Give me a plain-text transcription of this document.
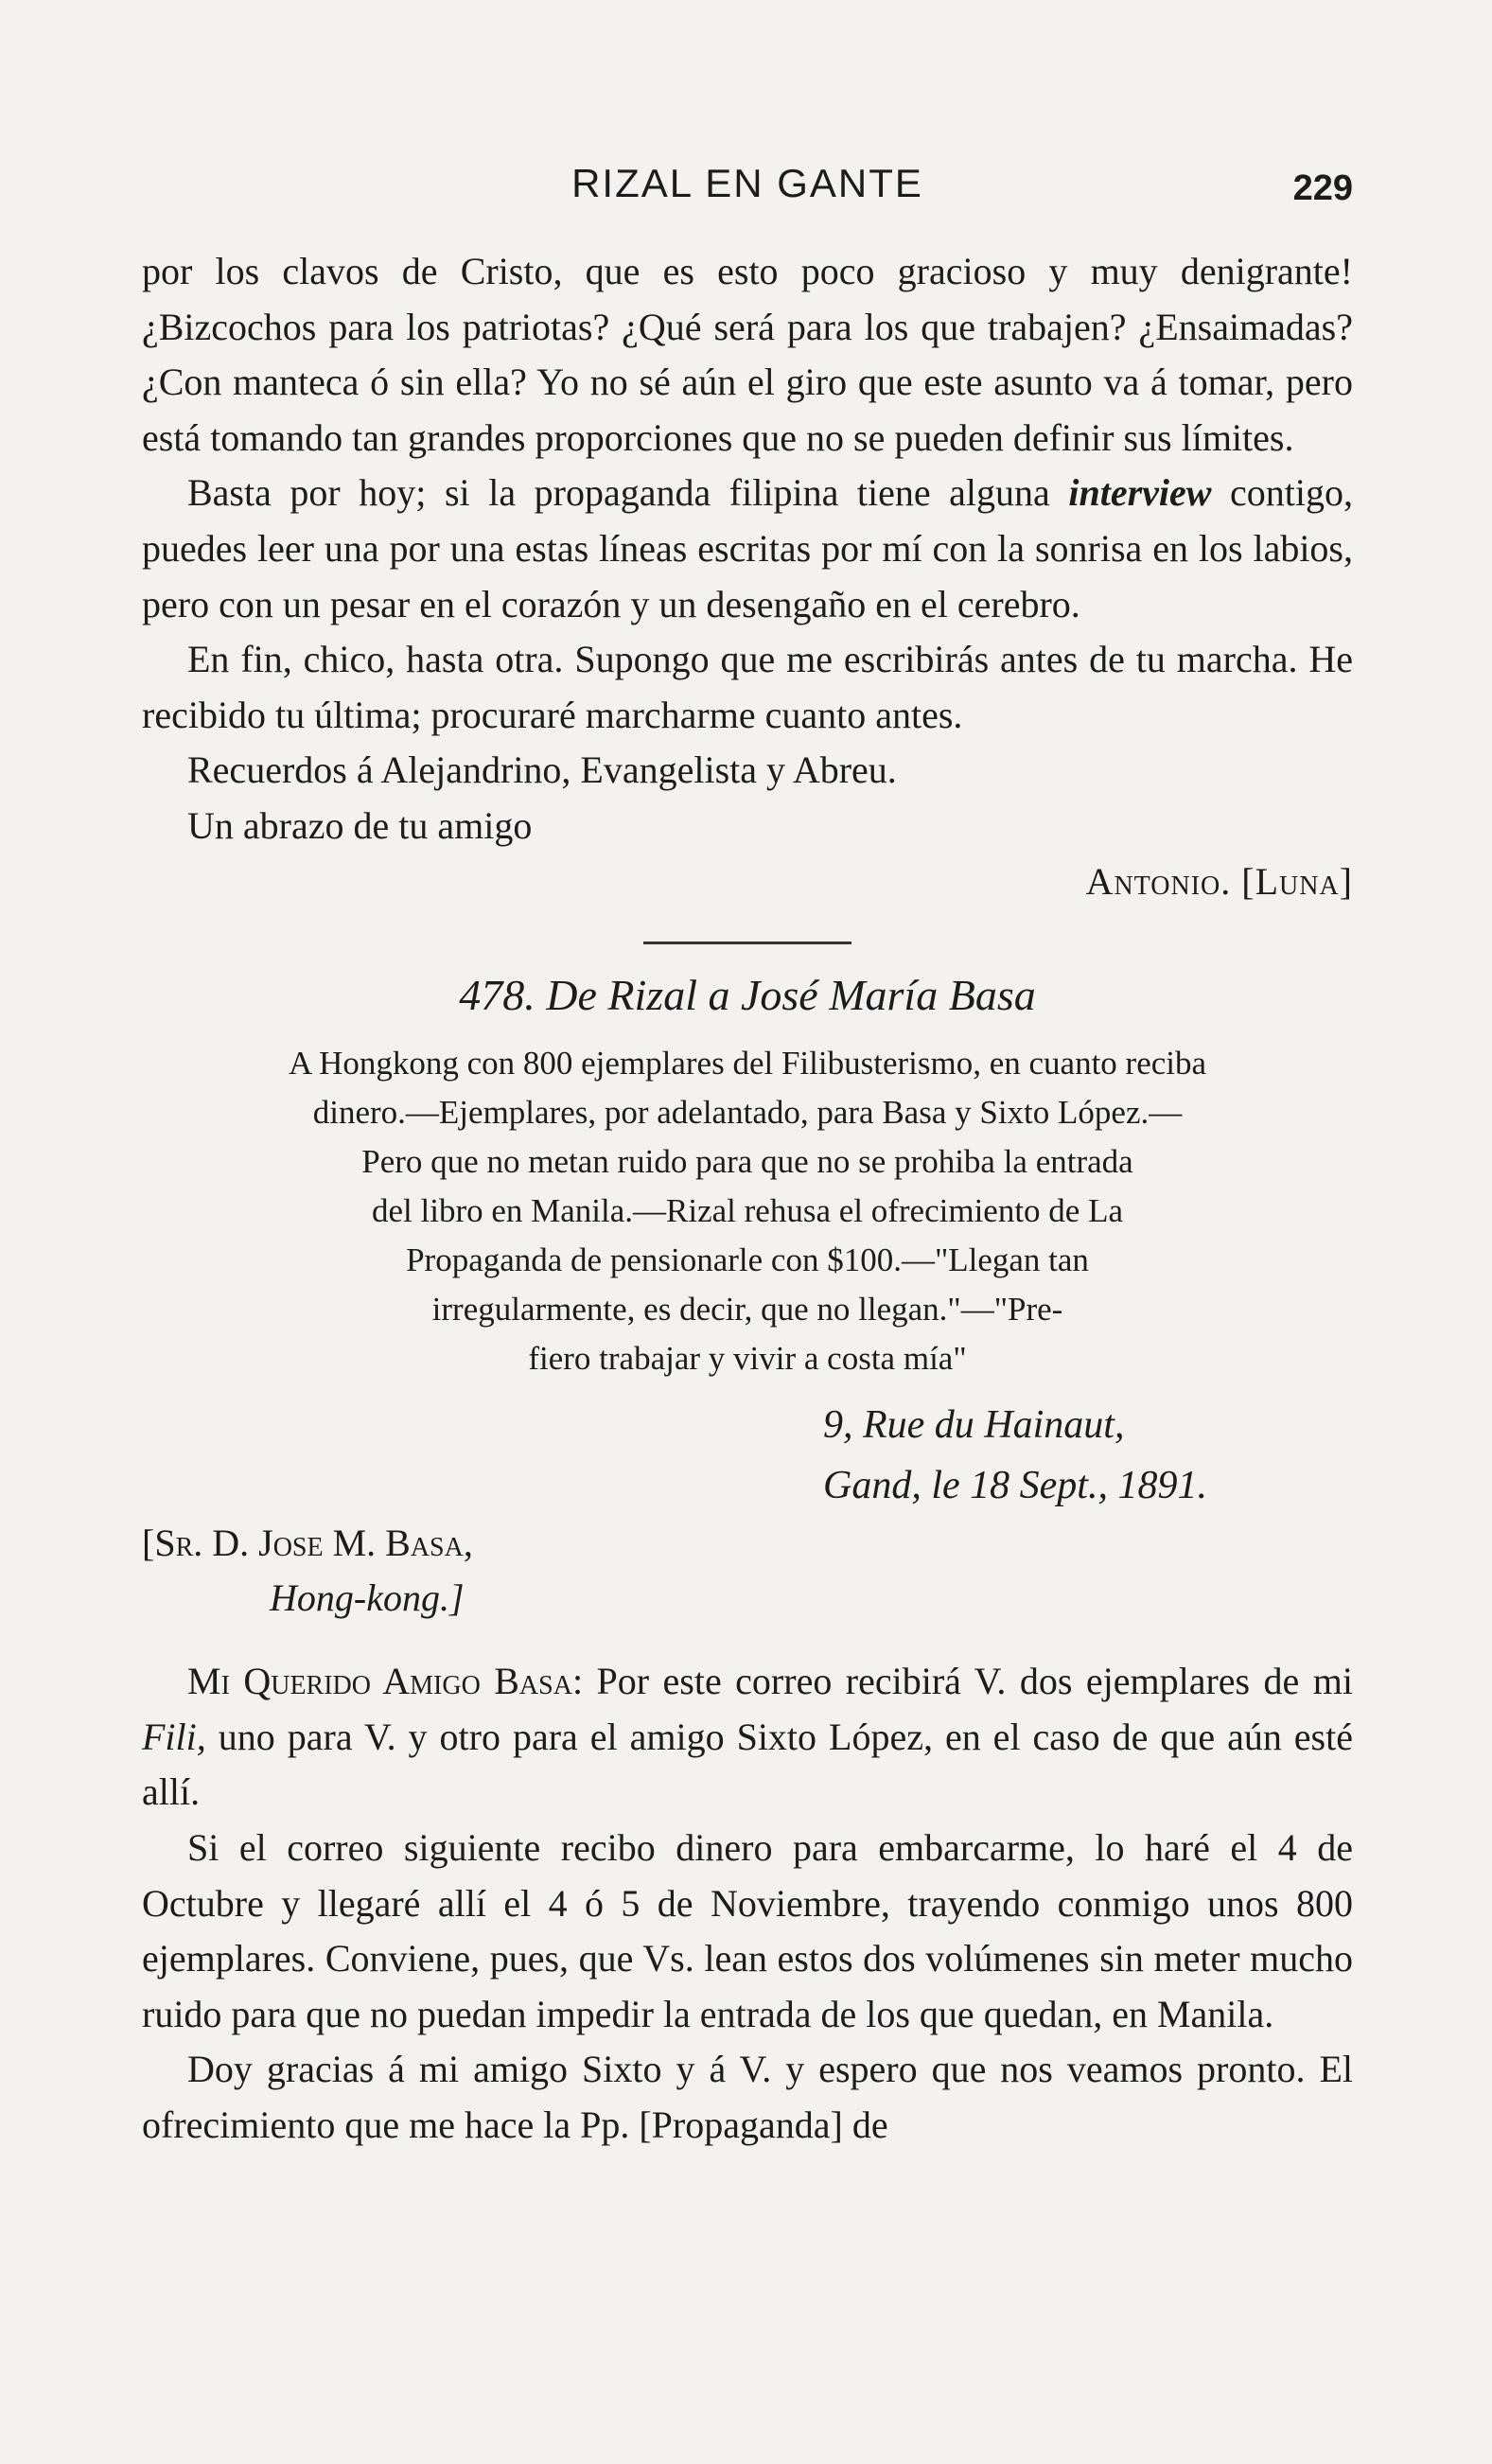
RIZAL EN GANTE	229

por los clavos de Cristo, que es esto poco gracioso y muy denigrante! ¿Bizcochos para los patriotas? ¿Qué será para los que trabajen? ¿Ensaimadas? ¿Con manteca ó sin ella? Yo no sé aún el giro que este asunto va á tomar, pero está tomando tan grandes proporciones que no se pueden definir sus límites.

Basta por hoy; si la propaganda filipina tiene alguna interview contigo, puedes leer una por una estas líneas escritas por mí con la sonrisa en los labios, pero con un pesar en el corazón y un desengaño en el cerebro.

En fin, chico, hasta otra. Supongo que me escribirás antes de tu marcha. He recibido tu última; procuraré marcharme cuanto antes.

Recuerdos á Alejandrino, Evangelista y Abreu.

Un abrazo de tu amigo

Antonio. [Luna]

478. De Rizal a José María Basa
A Hongkong con 800 ejemplares del Filibusterismo, en cuanto reciba
dinero.—Ejemplares, por adelantado, para Basa y Sixto López.—
Pero que no metan ruido para que no se prohiba la entrada
del libro en Manila.—Rizal rehusa el ofrecimiento de La
Propaganda de pensionarle con $100.—"Llegan tan
irregularmente, es decir, que no llegan."—"Pre-
fiero trabajar y vivir a costa mía"
9, Rue du Hainaut,
Gand, le 18 Sept., 1891.
[Sr. D. Jose M. Basa,
Hong-kong.]

Mi Querido Amigo Basa: Por este correo recibirá V. dos ejemplares de mi Fili, uno para V. y otro para el amigo Sixto López, en el caso de que aún esté allí.

Si el correo siguiente recibo dinero para embarcarme, lo haré el 4 de Octubre y llegaré allí el 4 ó 5 de Noviembre, trayendo conmigo unos 800 ejemplares. Conviene, pues, que Vs. lean estos dos volúmenes sin meter mucho ruido para que no puedan impedir la entrada de los que quedan, en Manila.

Doy gracias á mi amigo Sixto y á V. y espero que nos veamos pronto. El ofrecimiento que me hace la Pp. [Propaganda] de
